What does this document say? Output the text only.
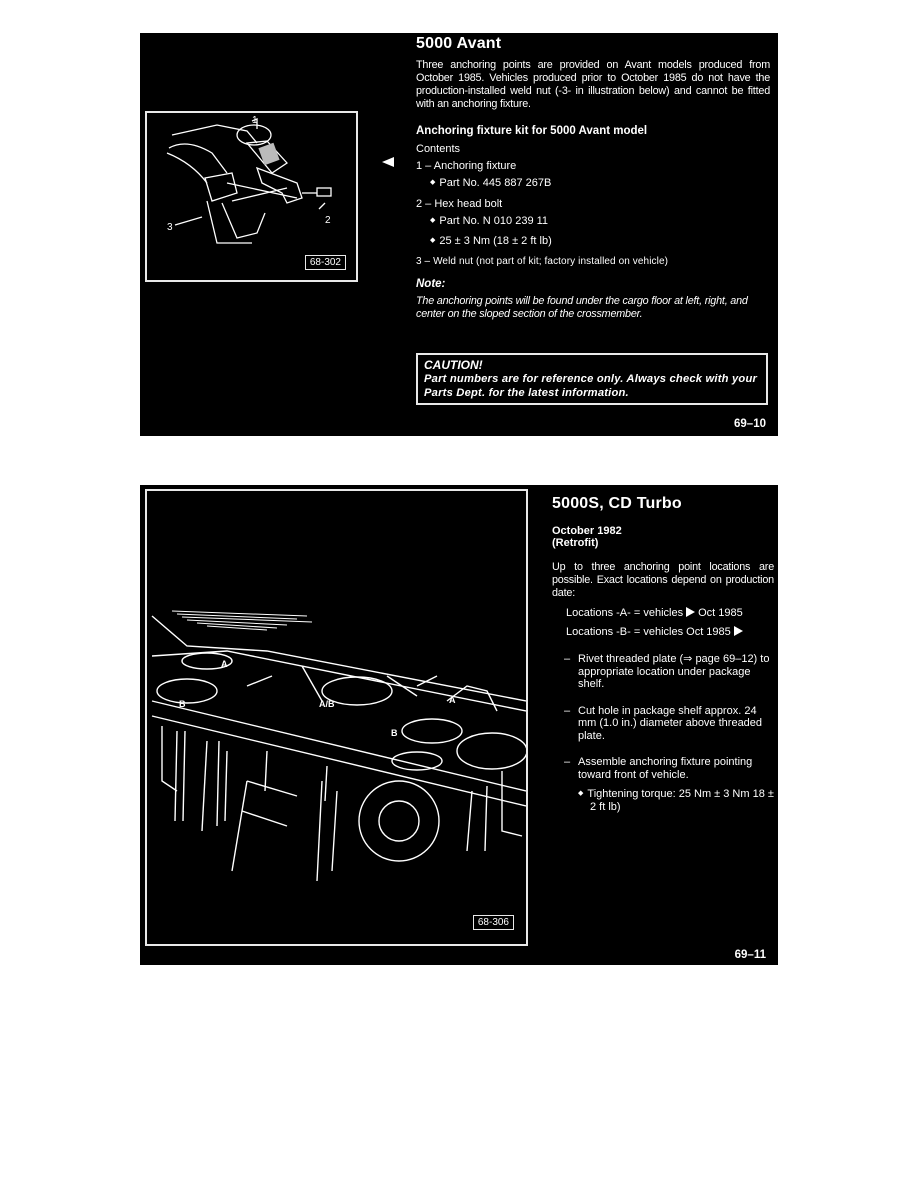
1
3
2
68-302
5000 Avant
Three anchoring points are provided on Avant models produced from October 1985. Vehicles produced prior to October 1985 do not have the production-installed weld nut (-3- in illustration below) and cannot be fitted with an anchoring fixture.
Anchoring fixture kit for 5000 Avant model
Contents
1 – Anchoring fixture
◆ Part No. 445 887 267B
2 – Hex head bolt
◆ Part No. N 010 239 11
◆ 25 ± 3 Nm (18 ± 2 ft lb)
3 – Weld nut (not part of kit; factory installed on vehicle)
Note:
The anchoring points will be found under the cargo floor at left, right, and center on the sloped section of the crossmember.
CAUTION!
Part numbers are for reference only. Always check with your Parts Dept. for the latest information.
69–10
A
B	A/B	A
B
68-306
5000S, CD Turbo
October 1982
(Retrofit)
Up to three anchoring point locations are possible. Exact locations depend on production date:
Locations -A- = vehicles Oct 1985
Locations -B- = vehicles Oct 1985
– Rivet threaded plate (⇒ page 69–12) to appropriate location under package shelf.
– Cut hole in package shelf approx. 24 mm (1.0 in.) diameter above threaded plate.
– Assemble anchoring fixture pointing toward front of vehicle.
◆ Tightening torque: 25 Nm ± 3 Nm 18 ± 2 ft lb)
69–11
